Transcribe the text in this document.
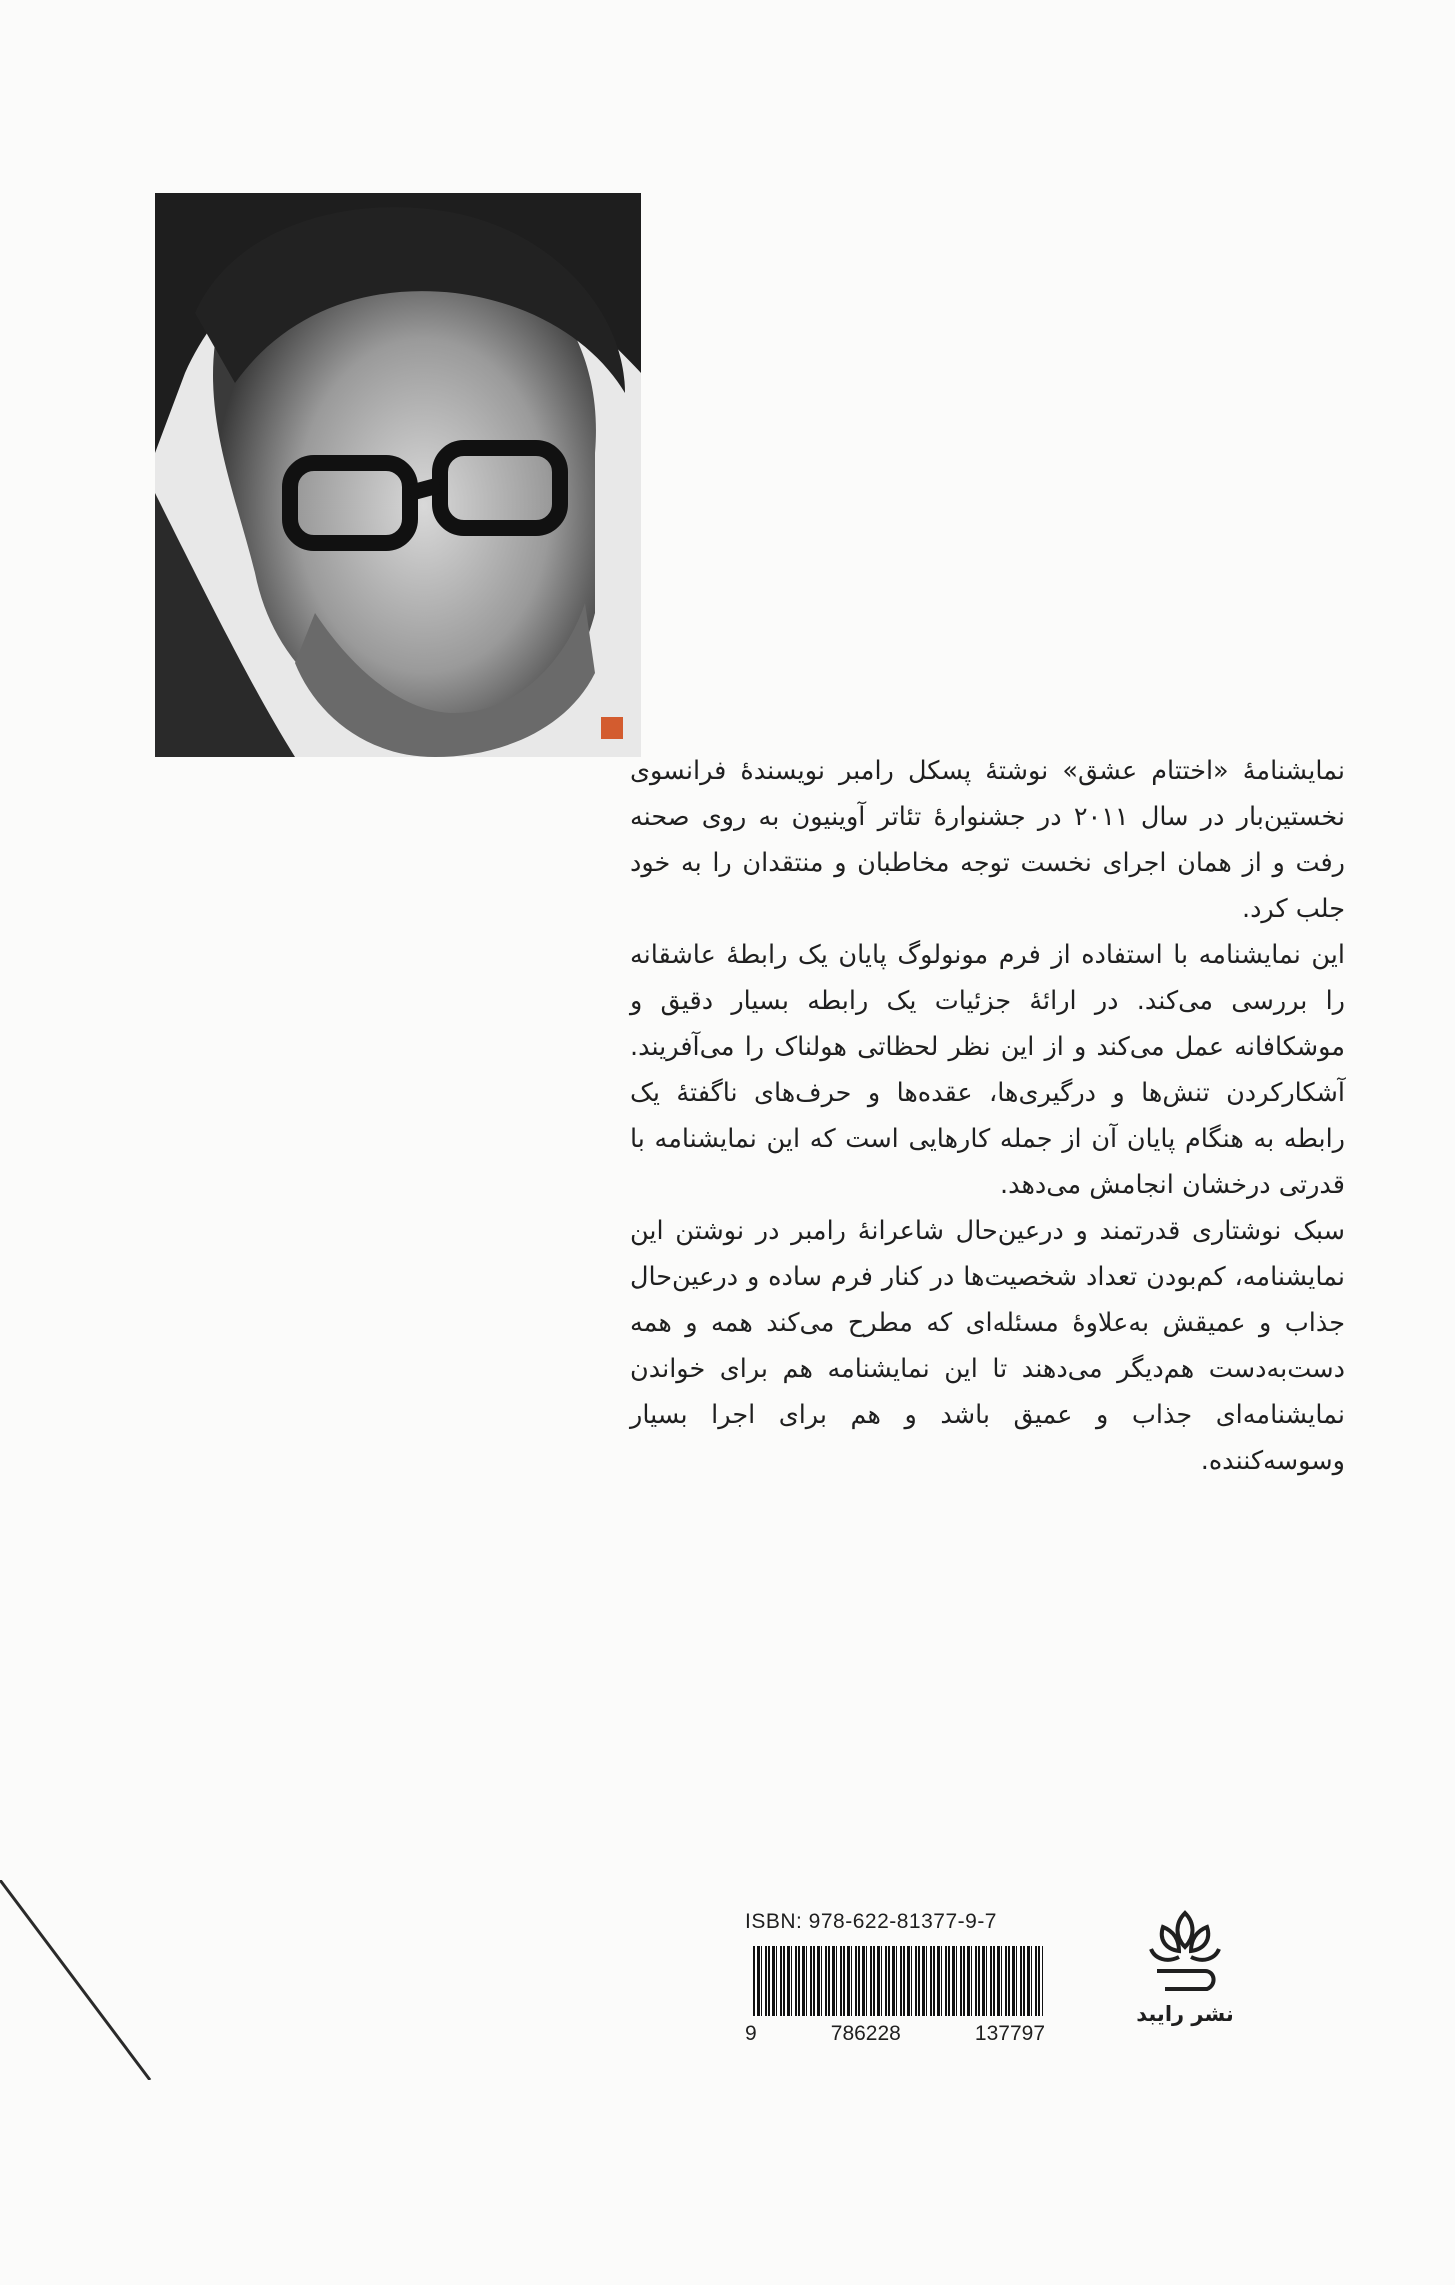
نمایشنامهٔ «اختتام عشق» نوشتهٔ پسکل رامبر نویسندهٔ فرانسوی نخستین‌بار در سال ۲۰۱۱ در جشنوارهٔ تئاتر آوینیون به روی صحنه رفت و از همان اجرای نخست توجه مخاطبان و منتقدان را به خود جلب کرد.

این نمایشنامه با استفاده از فرم مونولوگ پایان یک رابطهٔ عاشقانه را بررسی می‌کند. در ارائهٔ جزئیات یک رابطه بسیار دقیق و موشکافانه عمل می‌کند و از این نظر لحظاتی هولناک را می‌آفریند. آشکارکردن تنش‌ها و درگیری‌ها، عقده‌ها و حرف‌های ناگفتهٔ یک رابطه به هنگام پایان آن از جمله کارهایی است که این نمایشنامه با قدرتی درخشان انجامش می‌دهد.

سبک نوشتاری قدرتمند و درعین‌حال شاعرانهٔ رامبر در نوشتن این نمایشنامه، کم‌بودن تعداد شخصیت‌ها در کنار فرم ساده و درعین‌حال جذاب و عمیقش به‌علاوهٔ مسئله‌ای که مطرح می‌کند همه و همه دست‌به‌دست هم‌دیگر می‌دهند تا این نمایشنامه هم برای خواندن نمایشنامه‌ای جذاب و عمیق باشد و هم برای اجرا بسیار وسوسه‌کننده.

ISBN: 978-622-81377-9-7
9	786228	137797
نشر رایبد
